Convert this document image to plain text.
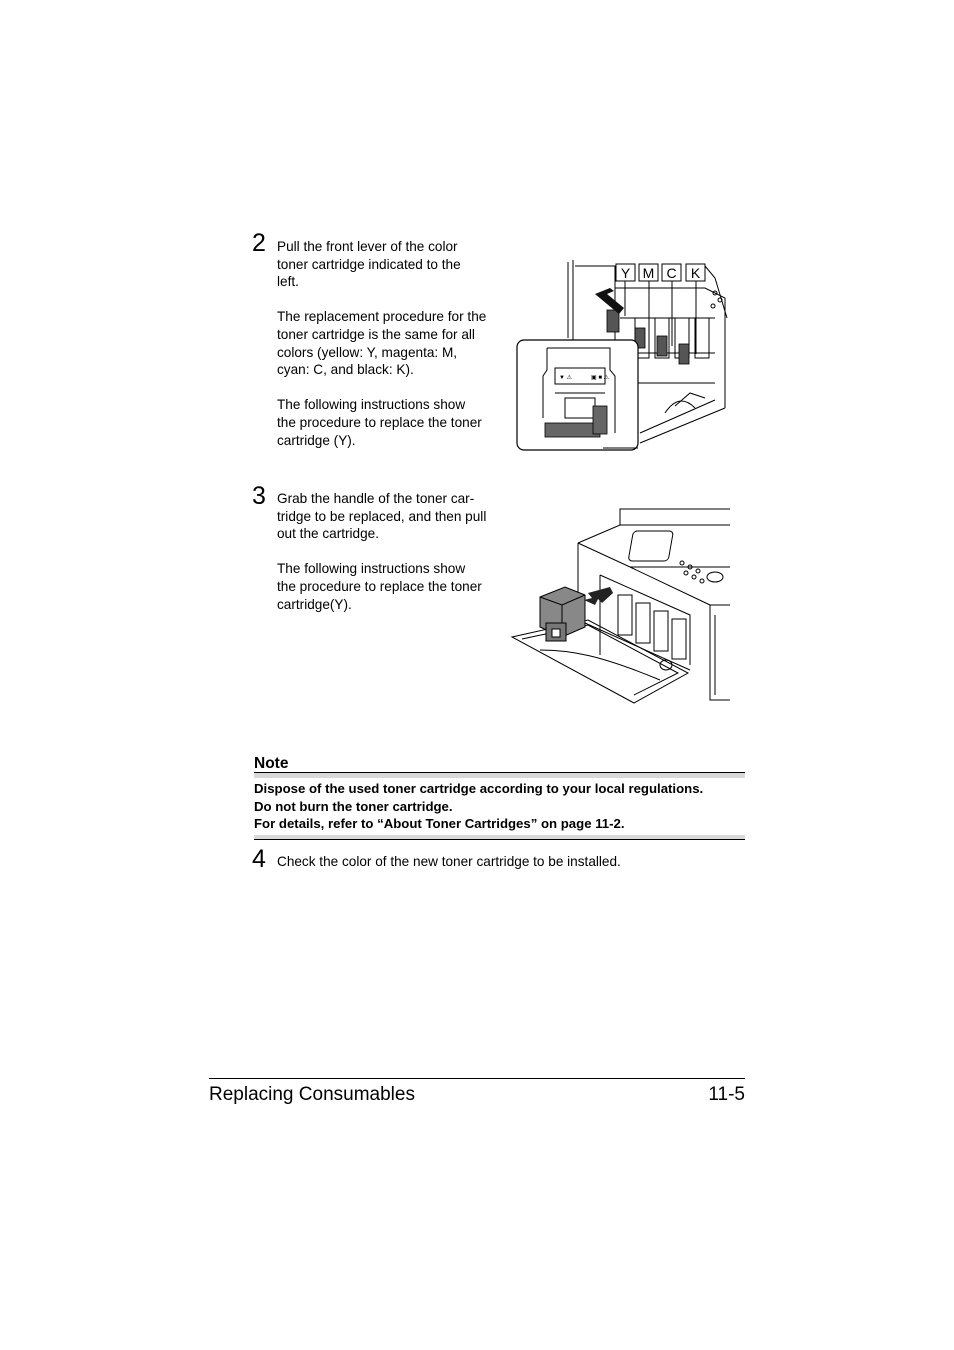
2 Pull the front lever of the color toner cartridge indicated to the left.

The replacement procedure for the toner cartridge is the same for all colors (yellow: Y, magenta: M, cyan: C, and black: K).

The following instructions show the procedure to replace the toner cartridge (Y).

Y M C K
▼ ⚠	▣ ■ ⚠
3 Grab the handle of the toner car-tridge to be replaced, and then pull out the cartridge.

The following instructions show the procedure to replace the toner cartridge(Y).

Note
Dispose of the used toner cartridge according to your local regulations.
Do not burn the toner cartridge.
For details, refer to “About Toner Cartridges” on page 11-2.
4 Check the color of the new toner cartridge to be installed.

Replacing Consumables	11-5
